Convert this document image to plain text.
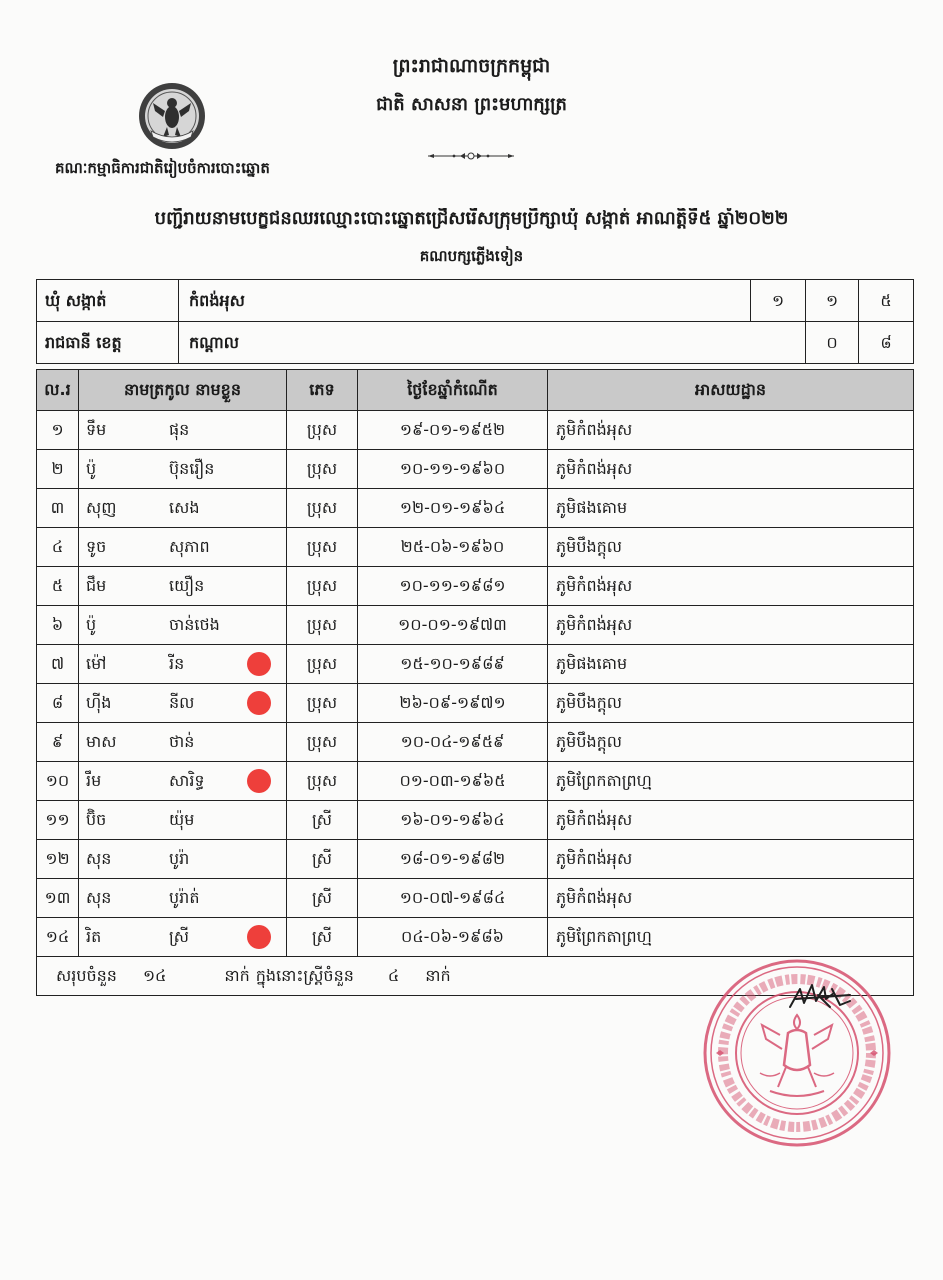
ព្រះរាជាណាចក្រកម្ពុជា
ជាតិ សាសនា ព្រះមហាក្សត្រ
គណៈកម្មាធិការជាតិរៀបចំការបោះឆ្នោត
បញ្ជីរាយនាមបេក្ខជនឈរឈ្មោះបោះឆ្នោតជ្រើសរើសក្រុមប្រឹក្សាឃុំ សង្កាត់ អាណត្តិទី៥ ឆ្នាំ២០២២
គណបក្សភ្លើងទៀន
ឃុំ សង្កាត់	កំពង់អុស	១	១	៥
រាជធានី ខេត្ត	កណ្ដាល		០	៨
ល.រ	នាមត្រកូល នាមខ្លួន	ភេទ	ថ្ងៃខែឆ្នាំកំណើត	អាសយដ្ឋាន
១	ទឹម ផុន	ប្រុស	១៩-០១-១៩៥២	ភូមិកំពង់អុស
២	ប៉ូ ប៊ុនរឿន	ប្រុស	១០-១១-១៩៦០	ភូមិកំពង់អុស
៣	សុញ សេង	ប្រុស	១២-០១-១៩៦៤	ភូមិផងគោម
៤	ទូច សុភាព	ប្រុស	២៥-០៦-១៩៦០	ភូមិបឹងក្ដុល
៥	ជឹម យឿន	ប្រុស	១០-១១-១៩៨១	ភូមិកំពង់អុស
៦	ប៉ូ ចាន់ថេង	ប្រុស	១០-០១-១៩៧៣	ភូមិកំពង់អុស
៧	ម៉ៅ រីន	ប្រុស	១៥-១០-១៩៨៩	ភូមិផងគោម
៨	ហ៊ីង នីល	ប្រុស	២៦-០៩-១៩៧១	ភូមិបឹងក្ដុល
៩	មាស ថាន់	ប្រុស	១០-០៤-១៩៥៩	ភូមិបឹងក្ដុល
១០	រឹម សារិទ្ធ	ប្រុស	០១-០៣-១៩៦៥	ភូមិព្រែកតាព្រហ្ម
១១	ប៊ិច យ៉ុម	ស្រី	១៦-០១-១៩៦៤	ភូមិកំពង់អុស
១២	សុន បូរ៉ា	ស្រី	១៨-០១-១៩៨២	ភូមិកំពង់អុស
១៣	សុន បូរ៉ាត់	ស្រី	១០-០៧-១៩៨៤	ភូមិកំពង់អុស
១៤	រិត ស្រី	ស្រី	០៤-០៦-១៩៨៦	ភូមិព្រែកតាព្រហ្ម
សរុបចំនួន ១៤ នាក់ ក្នុងនោះស្ត្រីចំនួន ៤ នាក់				
